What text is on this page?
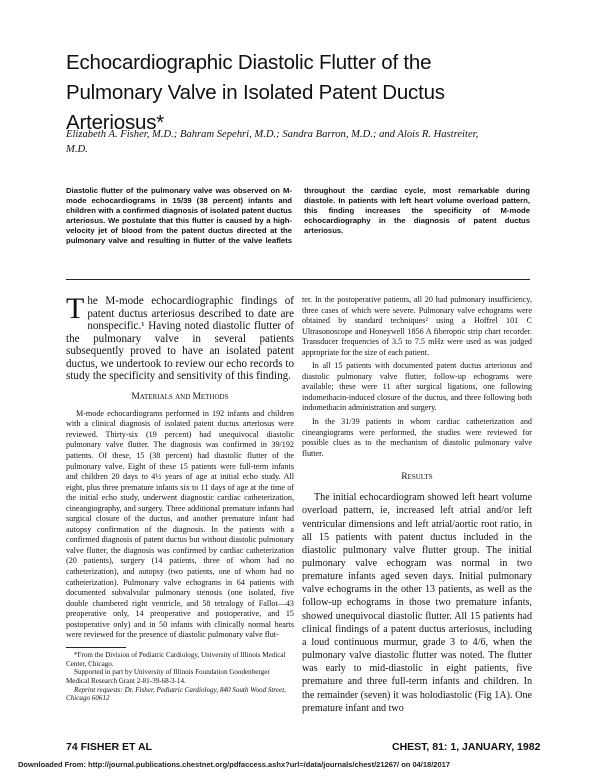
Echocardiographic Diastolic Flutter of the Pulmonary Valve in Isolated Patent Ductus Arteriosus*
Elizabeth A. Fisher, M.D.; Bahram Sepehri, M.D.; Sandra Barron, M.D.; and Alois R. Hastreiter, M.D.

Diastolic flutter of the pulmonary valve was observed on M-mode echocardiograms in 15/39 (38 percent) infants and children with a confirmed diagnosis of isolated patent ductus arteriosus. We postulate that this flutter is caused by a high-velocity jet of blood from the patent ductus directed at the pulmonary valve and resulting in flutter of the valve leaflets throughout the cardiac cycle, most remarkable during diastole. In patients with left heart volume overload pattern, this finding increases the specificity of M-mode echocardiography in the diagnosis of patent ductus arteriosus.

The M-mode echocardiographic findings of patent ductus arteriosus described to date are nonspecific.¹ Having noted diastolic flutter of the pulmonary valve in several patients subsequently proved to have an isolated patent ductus, we undertook to review our echo records to study the specificity and sensitivity of this finding.

Materials and Methods

M-mode echocardiograms performed in 192 infants and children with a clinical diagnosis of isolated patent ductus arteriosus were reviewed. Thirty-six (19 percent) had unequivocal diastolic pulmonary valve flutter. The diagnosis was confirmed in 39/192 patients. Of these, 15 (38 percent) had diastolic flutter of the pulmonary valve. Eight of these 15 patients were full-term infants and children 20 days to 4½ years of age at initial echo study. All eight, plus three premature infants six to 11 days of age at the time of the initial echo study, underwent diagnostic cardiac catheterization, cineangiography, and surgery. Three additional premature infants had surgical closure of the ductus, and another premature infant had autopsy confirmation of the diagnosis. In the patients with a confirmed diagnosis of patent ductus but without diastolic pulmonary valve flutter, the diagnosis was confirmed by cardiac catheterization (20 patients), surgery (14 patients, three of whom had no catheterization), and autopsy (two patients, one of whom had no catheterization). Pulmonary valve echograms in 64 patients with documented subvalvular pulmonary stenosis (one isolated, five double chambered right ventricle, and 58 tetralogy of Fallot—43 preoperative only, 14 preoperative and postoperative, and 15 postoperative only) and in 50 infants with clinically normal hearts were reviewed for the presence of diastolic pulmonary valve flut-

*From the Division of Pediatric Cardiology, University of Illinois Medical Center, Chicago.

Supported in part by University of Illinois Foundation Goodenberger Medical Research Grant 2-81-39-68-3-14.

Reprint requests: Dr. Fisher, Pediatric Cardiology, 840 South Wood Street, Chicago 60612

ter. In the postoperative patients, all 20 had pulmonary insufficiency, three cases of which were severe. Pulmonary valve echograms were obtained by standard techniques² using a Hoffrel 101 C Ultrasonoscope and Honeywell 1856 A fiberoptic strip chart recorder. Transducer frequencies of 3.5 to 7.5 mHz were used as was judged appropriate for the size of each patient.

In all 15 patients with documented patent ductus arteriosus and diastolic pulmonary valve flutter, follow-up echograms were available; these were 11 after surgical ligations, one following indomethacin-induced closure of the ductus, and three following both indomethacin administration and surgery.

In the 31/39 patients in whom cardiac catheterization and cineangiograms were performed, the studies were reviewed for possible clues as to the mechanism of diastolic pulmonary valve flutter.

Results

The initial echocardiogram showed left heart volume overload pattern, ie, increased left atrial and/or left ventricular dimensions and left atrial/aortic root ratio, in all 15 patients with patent ductus included in the diastolic pulmonary valve flutter group. The initial pulmonary valve echogram was normal in two premature infants aged seven days. Initial pulmonary valve echograms in the other 13 patients, as well as the follow-up echograms in those two premature infants, showed unequivocal diastolic flutter. All 15 patients had clinical findings of a patent ductus arteriosus, including a loud continuous murmur, grade 3 to 4/6, when the pulmonary valve diastolic flutter was noted. The flutter was early to mid-diastolic in eight patients, five premature and three full-term infants and children. In the remainder (seven) it was holodiastolic (Fig 1A). One premature infant and two

74 FISHER ET AL	CHEST, 81: 1, JANUARY, 1982
Downloaded From: http://journal.publications.chestnet.org/pdfaccess.ashx?url=/data/journals/chest/21267/ on 04/18/2017
